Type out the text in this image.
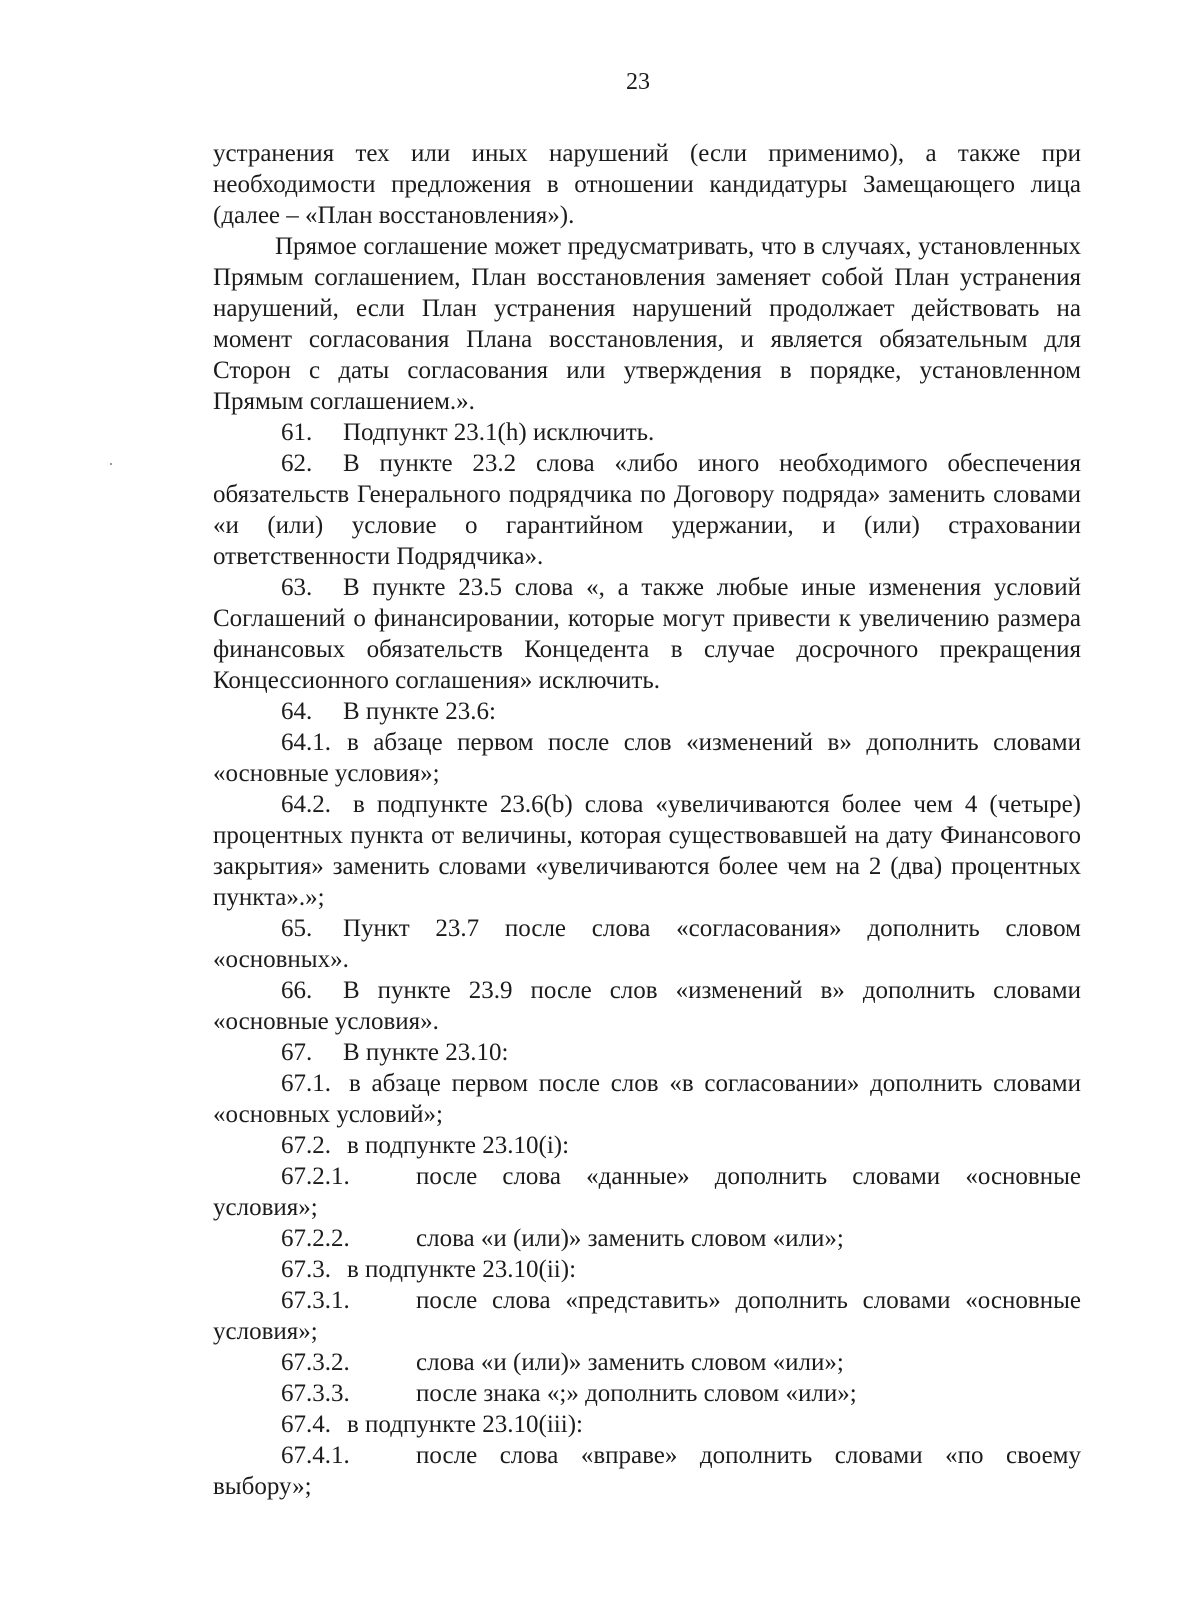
23

устранения тех или иных нарушений (если применимо), а также при необходимости предложения в отношении кандидатуры Замещающего лица (далее – «План восстановления»).

Прямое соглашение может предусматривать, что в случаях, установленных Прямым соглашением, План восстановления заменяет собой План устранения нарушений, если План устранения нарушений продолжает действовать на момент согласования Плана восстановления, и является обязательным для Сторон с даты согласования или утверждения в порядке, установленном Прямым соглашением.».

61. Подпункт 23.1(h) исключить.

62. В пункте 23.2 слова «либо иного необходимого обеспечения обязательств Генерального подрядчика по Договору подряда» заменить словами «и (или) условие о гарантийном удержании, и (или) страховании ответственности Подрядчика».

63. В пункте 23.5 слова «, а также любые иные изменения условий Соглашений о финансировании, которые могут привести к увеличению размера финансовых обязательств Концедента в случае досрочного прекращения Концессионного соглашения» исключить.

64. В пункте 23.6:

64.1. в абзаце первом после слов «изменений в» дополнить словами «основные условия»;

64.2. в подпункте 23.6(b) слова «увеличиваются более чем 4 (четыре) процентных пункта от величины, которая существовавшей на дату Финансового закрытия» заменить словами «увеличиваются более чем на 2 (два) процентных пункта».»;

65. Пункт 23.7 после слова «согласования» дополнить словом «основных».

66. В пункте 23.9 после слов «изменений в» дополнить словами «основные условия».

67. В пункте 23.10:

67.1. в абзаце первом после слов «в согласовании» дополнить словами «основных условий»;

67.2. в подпункте 23.10(i):

67.2.1.	после слова «данные» дополнить словами «основные условия»;

67.2.2.	слова «и (или)» заменить словом «или»;

67.3. в подпункте 23.10(ii):

67.3.1.	после слова «представить» дополнить словами «основные условия»;

67.3.2.	слова «и (или)» заменить словом «или»;

67.3.3.	после знака «;» дополнить словом «или»;

67.4. в подпункте 23.10(iii):

67.4.1.	после слова «вправе» дополнить словами «по своему выбору»;
